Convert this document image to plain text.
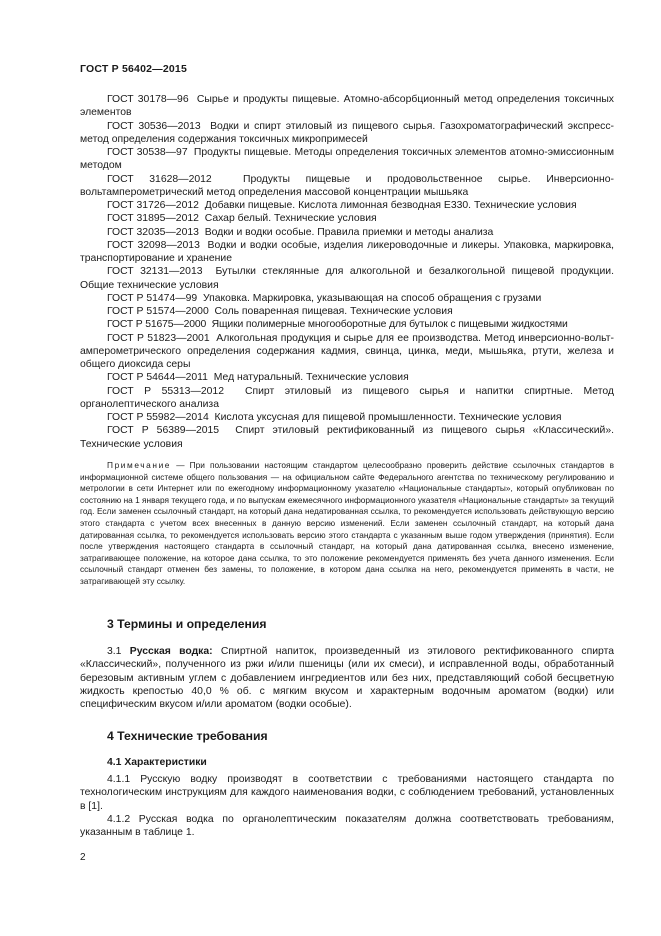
ГОСТ Р 56402—2015

ГОСТ 30178—96 Сырье и продукты пищевые. Атомно-абсорбционный метод определения токсичных элементов

ГОСТ 30536—2013 Водки и спирт этиловый из пищевого сырья. Газохроматографический экспресс-метод определения содержания токсичных микропримесей

ГОСТ 30538—97 Продукты пищевые. Методы определения токсичных элементов атомно-эмиссионным методом

ГОСТ 31628—2012	Продукты пищевые и продовольственное сырье. Инверсионно-вольтамперометрический метод определения массовой концентрации мышьяка

ГОСТ 31726—2012 Добавки пищевые. Кислота лимонная безводная Е330. Технические условия

ГОСТ 31895—2012 Сахар белый. Технические условия

ГОСТ 32035—2013 Водки и водки особые. Правила приемки и методы анализа

ГОСТ 32098—2013 Водки и водки особые, изделия ликероводочные и ликеры. Упаковка, маркировка, транспортирование и хранение

ГОСТ 32131—2013 Бутылки стеклянные для алкогольной и безалкогольной пищевой продукции. Общие технические условия

ГОСТ Р 51474—99 Упаковка. Маркировка, указывающая на способ обращения с грузами

ГОСТ Р 51574—2000 Соль поваренная пищевая. Технические условия

ГОСТ Р 51675—2000 Ящики полимерные многооборотные для бутылок с пищевыми жидкостями

ГОСТ Р 51823—2001 Алкогольная продукция и сырье для ее производства. Метод инверсионно-вольт-амперометрического определения содержания кадмия, свинца, цинка, меди, мышьяка, ртути, железа и общего диоксида серы

ГОСТ Р 54644—2011 Мед натуральный. Технические условия

ГОСТ Р 55313—2012 Спирт этиловый из пищевого сырья и напитки спиртные. Метод органолептического анализа

ГОСТ Р 55982—2014 Кислота уксусная для пищевой промышленности. Технические условия

ГОСТ Р 56389—2015 Спирт этиловый ректификованный из пищевого сырья «Классический». Технические условия

Примечание — При пользовании настоящим стандартом целесообразно проверить действие ссылочных стандартов в информационной системе общего пользования — на официальном сайте Федерального агентства по техническому регулированию и метрологии в сети Интернет или по ежегодному информационному указателю «Национальные стандарты», который опубликован по состоянию на 1 января текущего года, и по выпускам ежемесячного информационного указателя «Национальные стандарты» за текущий год. Если заменен ссылочный стандарт, на который дана недатированная ссылка, то рекомендуется использовать действующую версию этого стандарта с учетом всех внесенных в данную версию изменений. Если заменен ссылочный стандарт, на который дана датированная ссылка, то рекомендуется использовать версию этого стандарта с указанным выше годом утверждения (принятия). Если после утверждения настоящего стандарта в ссылочный стандарт, на который дана датированная ссылка, внесено изменение, затрагивающее положение, на которое дана ссылка, то это положение рекомендуется применять без учета данного изменения. Если ссылочный стандарт отменен без замены, то положение, в котором дана ссылка на него, рекомендуется применять в части, не затрагивающей эту ссылку.

3 Термины и определения

3.1 Русская водка: Спиртной напиток, произведенный из этилового ректификованного спирта «Классический», полученного из ржи и/или пшеницы (или их смеси), и исправленной воды, обработанный березовым активным углем с добавлением ингредиентов или без них, представляющий собой бесцветную жидкость крепостью 40,0 % об. с мягким вкусом и характерным водочным ароматом (водки) или специфическим вкусом и/или ароматом (водки особые).

4 Технические требования
4.1 Характеристики

4.1.1 Русскую водку производят в соответствии с требованиями настоящего стандарта по технологическим инструкциям для каждого наименования водки, с соблюдением требований, установленных в [1].

4.1.2 Русская водка по органолептическим показателям должна соответствовать требованиям, указанным в таблице 1.

2
